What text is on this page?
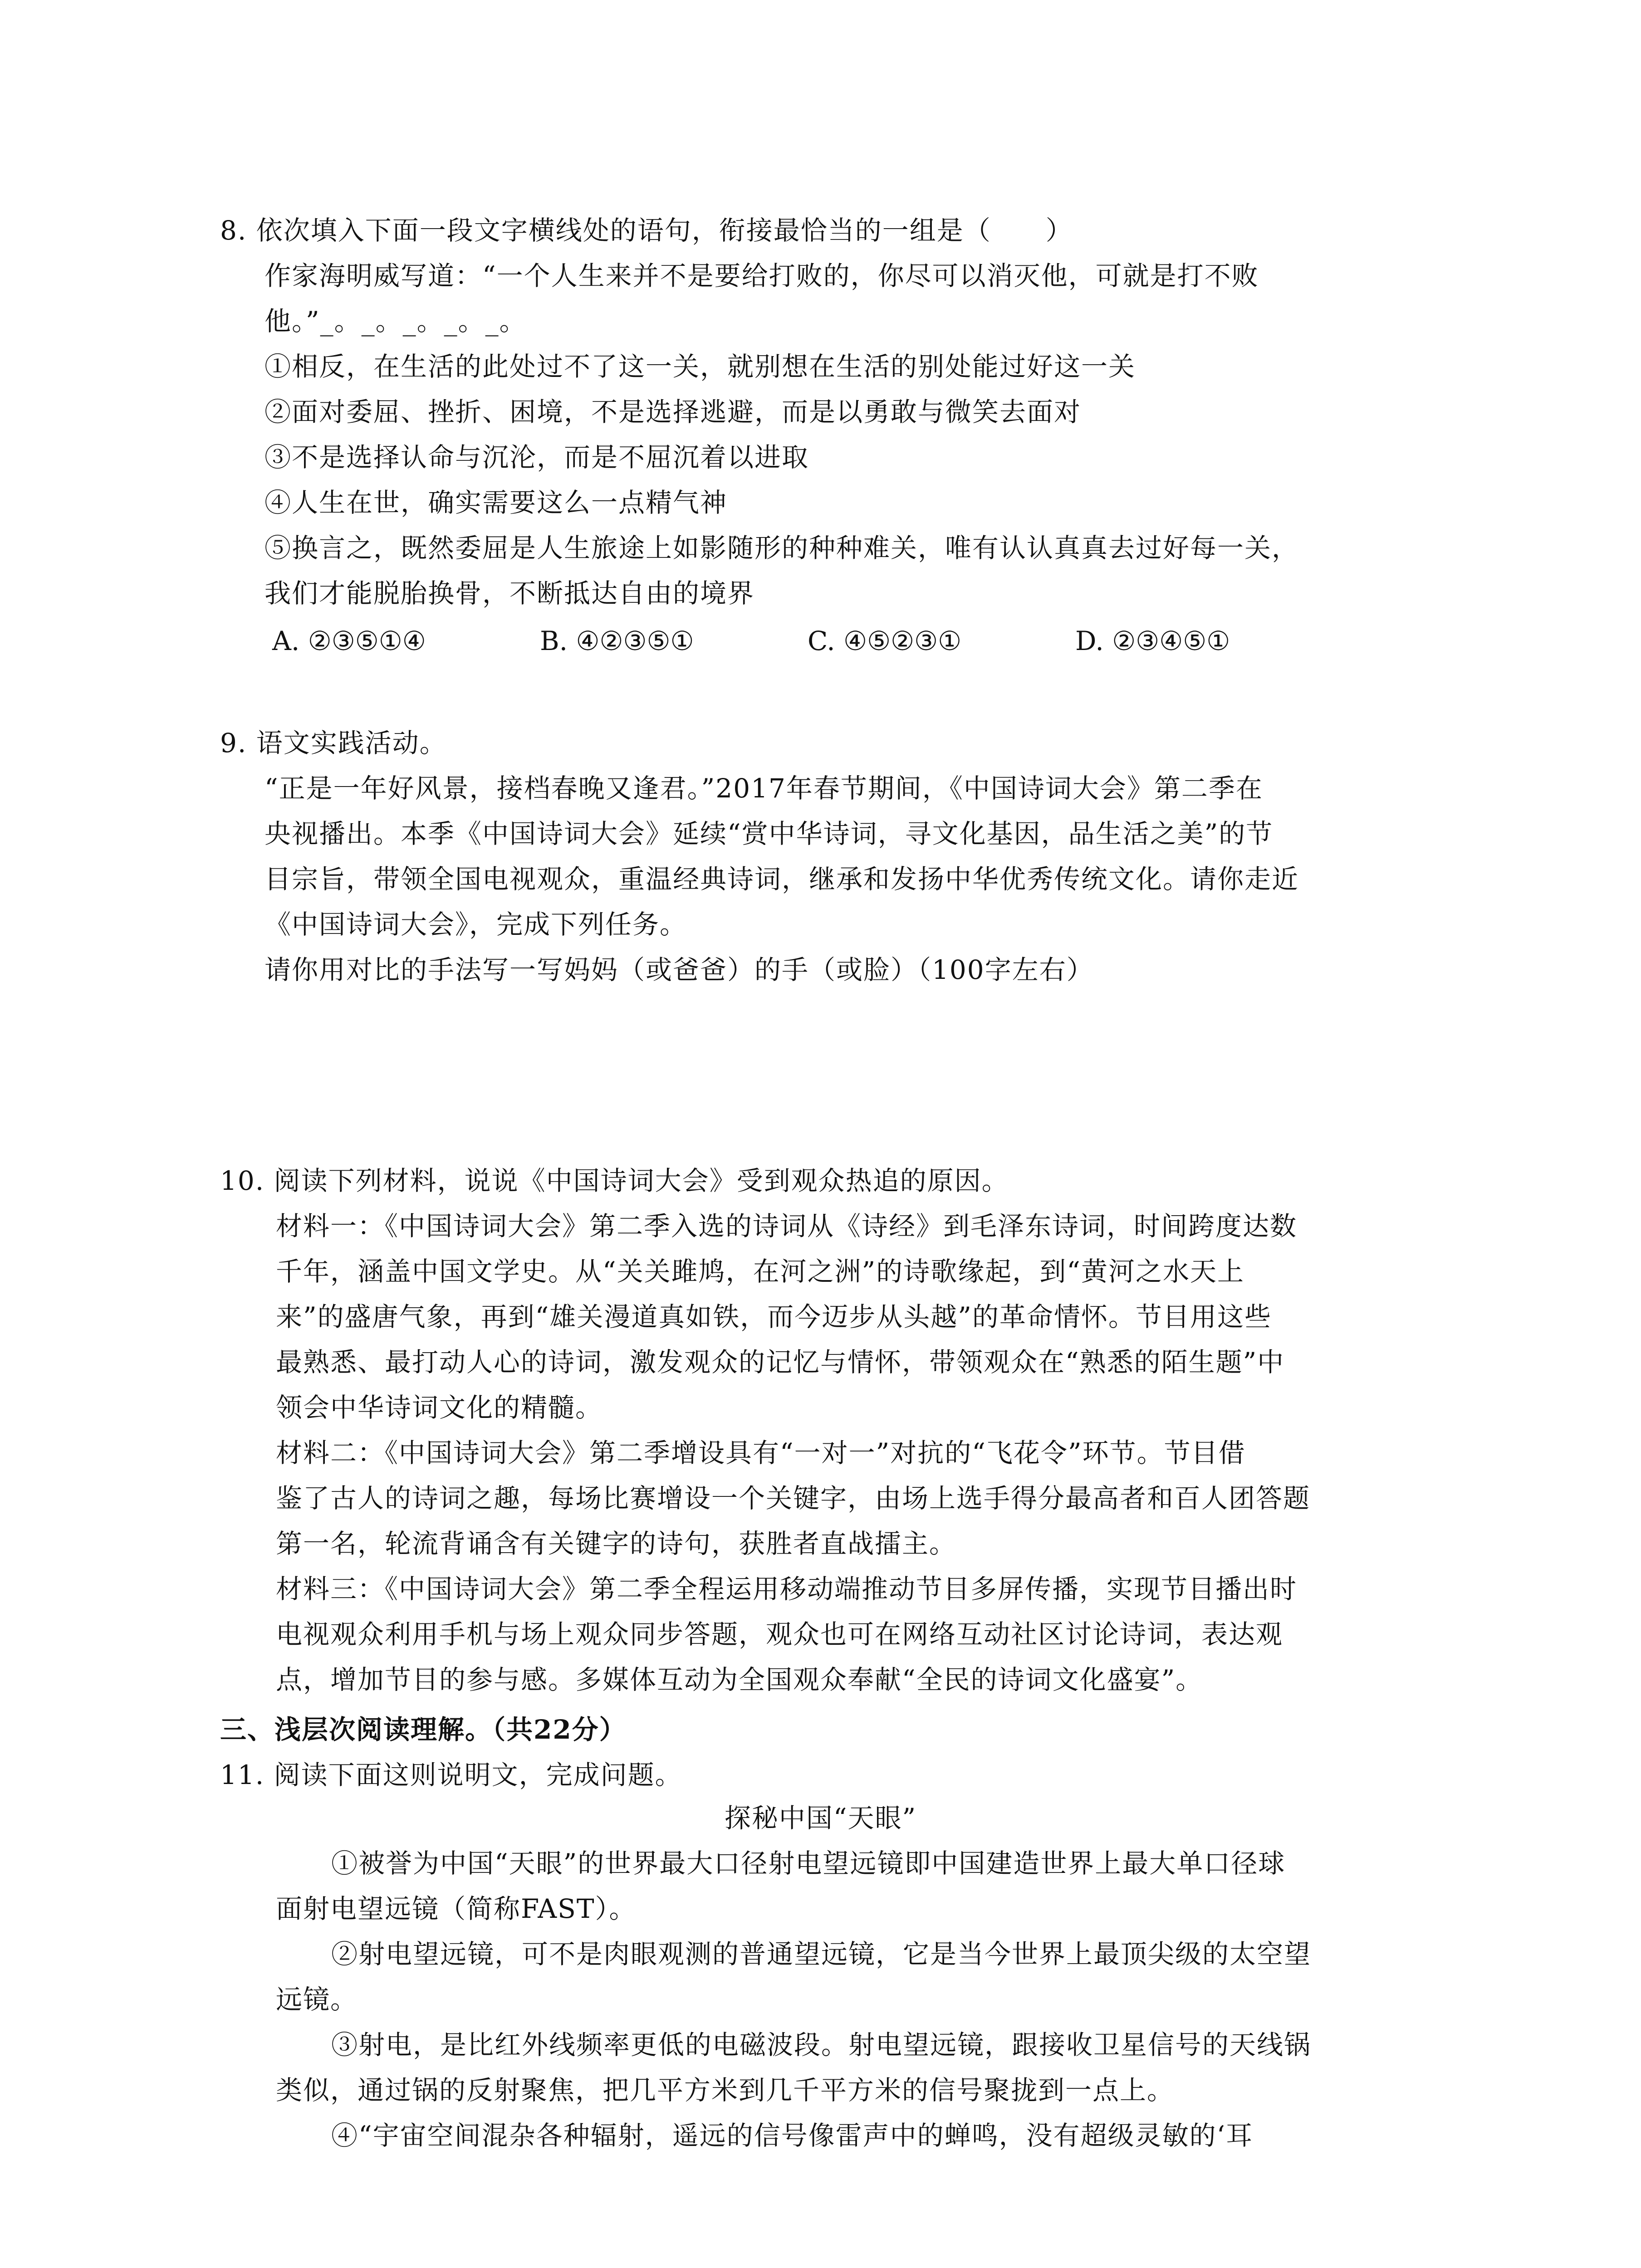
8. 依次填入下面一段文字横线处的语句，衔接最恰当的一组是（　　）
作家海明威写道：“一个人生来并不是要给打败的，你尽可以消灭他，可就是打不败
他。”_。_。_。_。_。
①相反，在生活的此处过不了这一关，就别想在生活的别处能过好这一关
②面对委屈、挫折、困境，不是选择逃避，而是以勇敢与微笑去面对
③不是选择认命与沉沦，而是不屈沉着以进取
④人生在世，确实需要这么一点精气神
⑤换言之，既然委屈是人生旅途上如影随形的种种难关，唯有认认真真去过好每一关，
我们才能脱胎换骨，不断抵达自由的境界
A. ②③⑤①④	B. ④②③⑤①	C. ④⑤②③①	D. ②③④⑤①
9. 语文实践活动。
“正是一年好风景，接档春晚又逢君。”2017年春节期间，《中国诗词大会》第二季在
央视播出。本季《中国诗词大会》延续“赏中华诗词，寻文化基因，品生活之美”的节
目宗旨，带领全国电视观众，重温经典诗词，继承和发扬中华优秀传统文化。请你走近
《中国诗词大会》，完成下列任务。
请你用对比的手法写一写妈妈（或爸爸）的手（或脸）（100字左右）
10. 阅读下列材料，说说《中国诗词大会》受到观众热追的原因。
材料一：《中国诗词大会》第二季入选的诗词从《诗经》到毛泽东诗词，时间跨度达数
千年，涵盖中国文学史。从“关关雎鸠，在河之洲”的诗歌缘起，到“黄河之水天上
来”的盛唐气象，再到“雄关漫道真如铁，而今迈步从头越”的革命情怀。节目用这些
最熟悉、最打动人心的诗词，激发观众的记忆与情怀，带领观众在“熟悉的陌生题”中
领会中华诗词文化的精髓。
材料二：《中国诗词大会》第二季增设具有“一对一”对抗的“飞花令”环节。节目借
鉴了古人的诗词之趣，每场比赛增设一个关键字，由场上选手得分最高者和百人团答题
第一名，轮流背诵含有关键字的诗句，获胜者直战擂主。
材料三：《中国诗词大会》第二季全程运用移动端推动节目多屏传播，实现节目播出时
电视观众利用手机与场上观众同步答题，观众也可在网络互动社区讨论诗词，表达观
点，增加节目的参与感。多媒体互动为全国观众奉献“全民的诗词文化盛宴”。
三、浅层次阅读理解。（共22分）
11. 阅读下面这则说明文，完成问题。
探秘中国“天眼”
①被誉为中国“天眼”的世界最大口径射电望远镜即中国建造世界上最大单口径球
面射电望远镜（简称FAST）。
②射电望远镜，可不是肉眼观测的普通望远镜，它是当今世界上最顶尖级的太空望
远镜。
③射电，是比红外线频率更低的电磁波段。射电望远镜，跟接收卫星信号的天线锅
类似，通过锅的反射聚焦，把几平方米到几千平方米的信号聚拢到一点上。
④“宇宙空间混杂各种辐射，遥远的信号像雷声中的蝉鸣，没有超级灵敏的‘耳
